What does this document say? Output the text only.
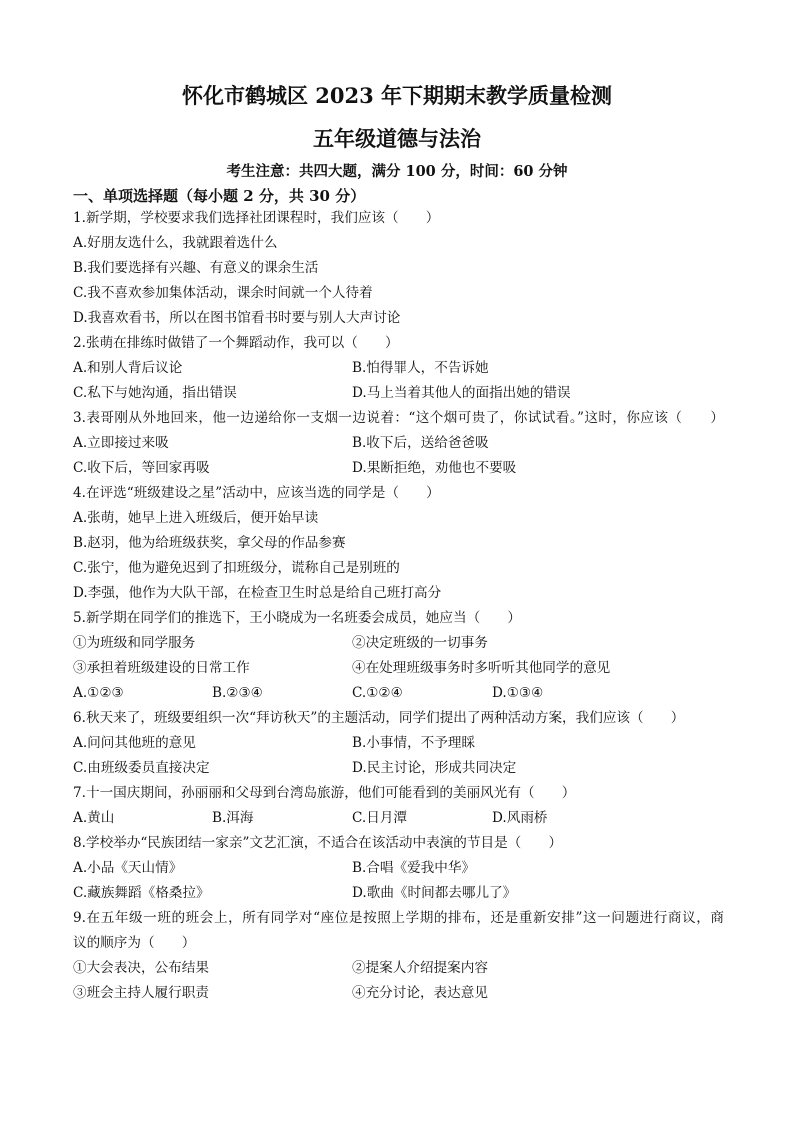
怀化市鹤城区 2023 年下期期末教学质量检测
五年级道德与法治
考生注意：共四大题，满分 100 分，时间：60 分钟
一、单项选择题（每小题 2 分，共 30 分）
1.新学期，学校要求我们选择社团课程时，我们应该（　　）
A.好朋友选什么，我就跟着选什么
B.我们要选择有兴趣、有意义的课余生活
C.我不喜欢参加集体活动，课余时间就一个人待着
D.我喜欢看书，所以在图书馆看书时要与别人大声讨论
2.张萌在排练时做错了一个舞蹈动作，我可以（　　）
A.和别人背后议论	B.怕得罪人，不告诉她
C.私下与她沟通，指出错误	D.马上当着其他人的面指出她的错误
3.表哥刚从外地回来，他一边递给你一支烟一边说着：“这个烟可贵了，你试试看。”这时，你应该（　　）
A.立即接过来吸	B.收下后，送给爸爸吸
C.收下后，等回家再吸	D.果断拒绝，劝他也不要吸
4.在评选“班级建设之星”活动中，应该当选的同学是（　　）
A.张萌，她早上进入班级后，便开始早读
B.赵羽，他为给班级获奖，拿父母的作品参赛
C.张宁，他为避免迟到了扣班级分，谎称自己是别班的
D.李强，他作为大队干部，在检查卫生时总是给自己班打高分
5.新学期在同学们的推选下，王小晓成为一名班委会成员，她应当（　　）
①为班级和同学服务	②决定班级的一切事务
③承担着班级建设的日常工作	④在处理班级事务时多听听其他同学的意见
A.①②③	B.②③④	C.①②④	D.①③④
6.秋天来了，班级要组织一次“拜访秋天”的主题活动，同学们提出了两种活动方案，我们应该（　　）
A.问问其他班的意见	B.小事情，不予理睬
C.由班级委员直接决定	D.民主讨论，形成共同决定
7.十一国庆期间，孙丽丽和父母到台湾岛旅游，他们可能看到的美丽风光有（　　）
A.黄山	B.洱海	C.日月潭	D.风雨桥
8.学校举办“民族团结一家亲”文艺汇演，不适合在该活动中表演的节目是（　　）
A.小品《天山情》	B.合唱《爱我中华》
C.藏族舞蹈《格桑拉》	D.歌曲《时间都去哪儿了》
9.在五年级一班的班会上，所有同学对“座位是按照上学期的排布，还是重新安排”这一问题进行商议，商
议的顺序为（　　）
①大会表决，公布结果	②提案人介绍提案内容
③班会主持人履行职责	④充分讨论，表达意见
